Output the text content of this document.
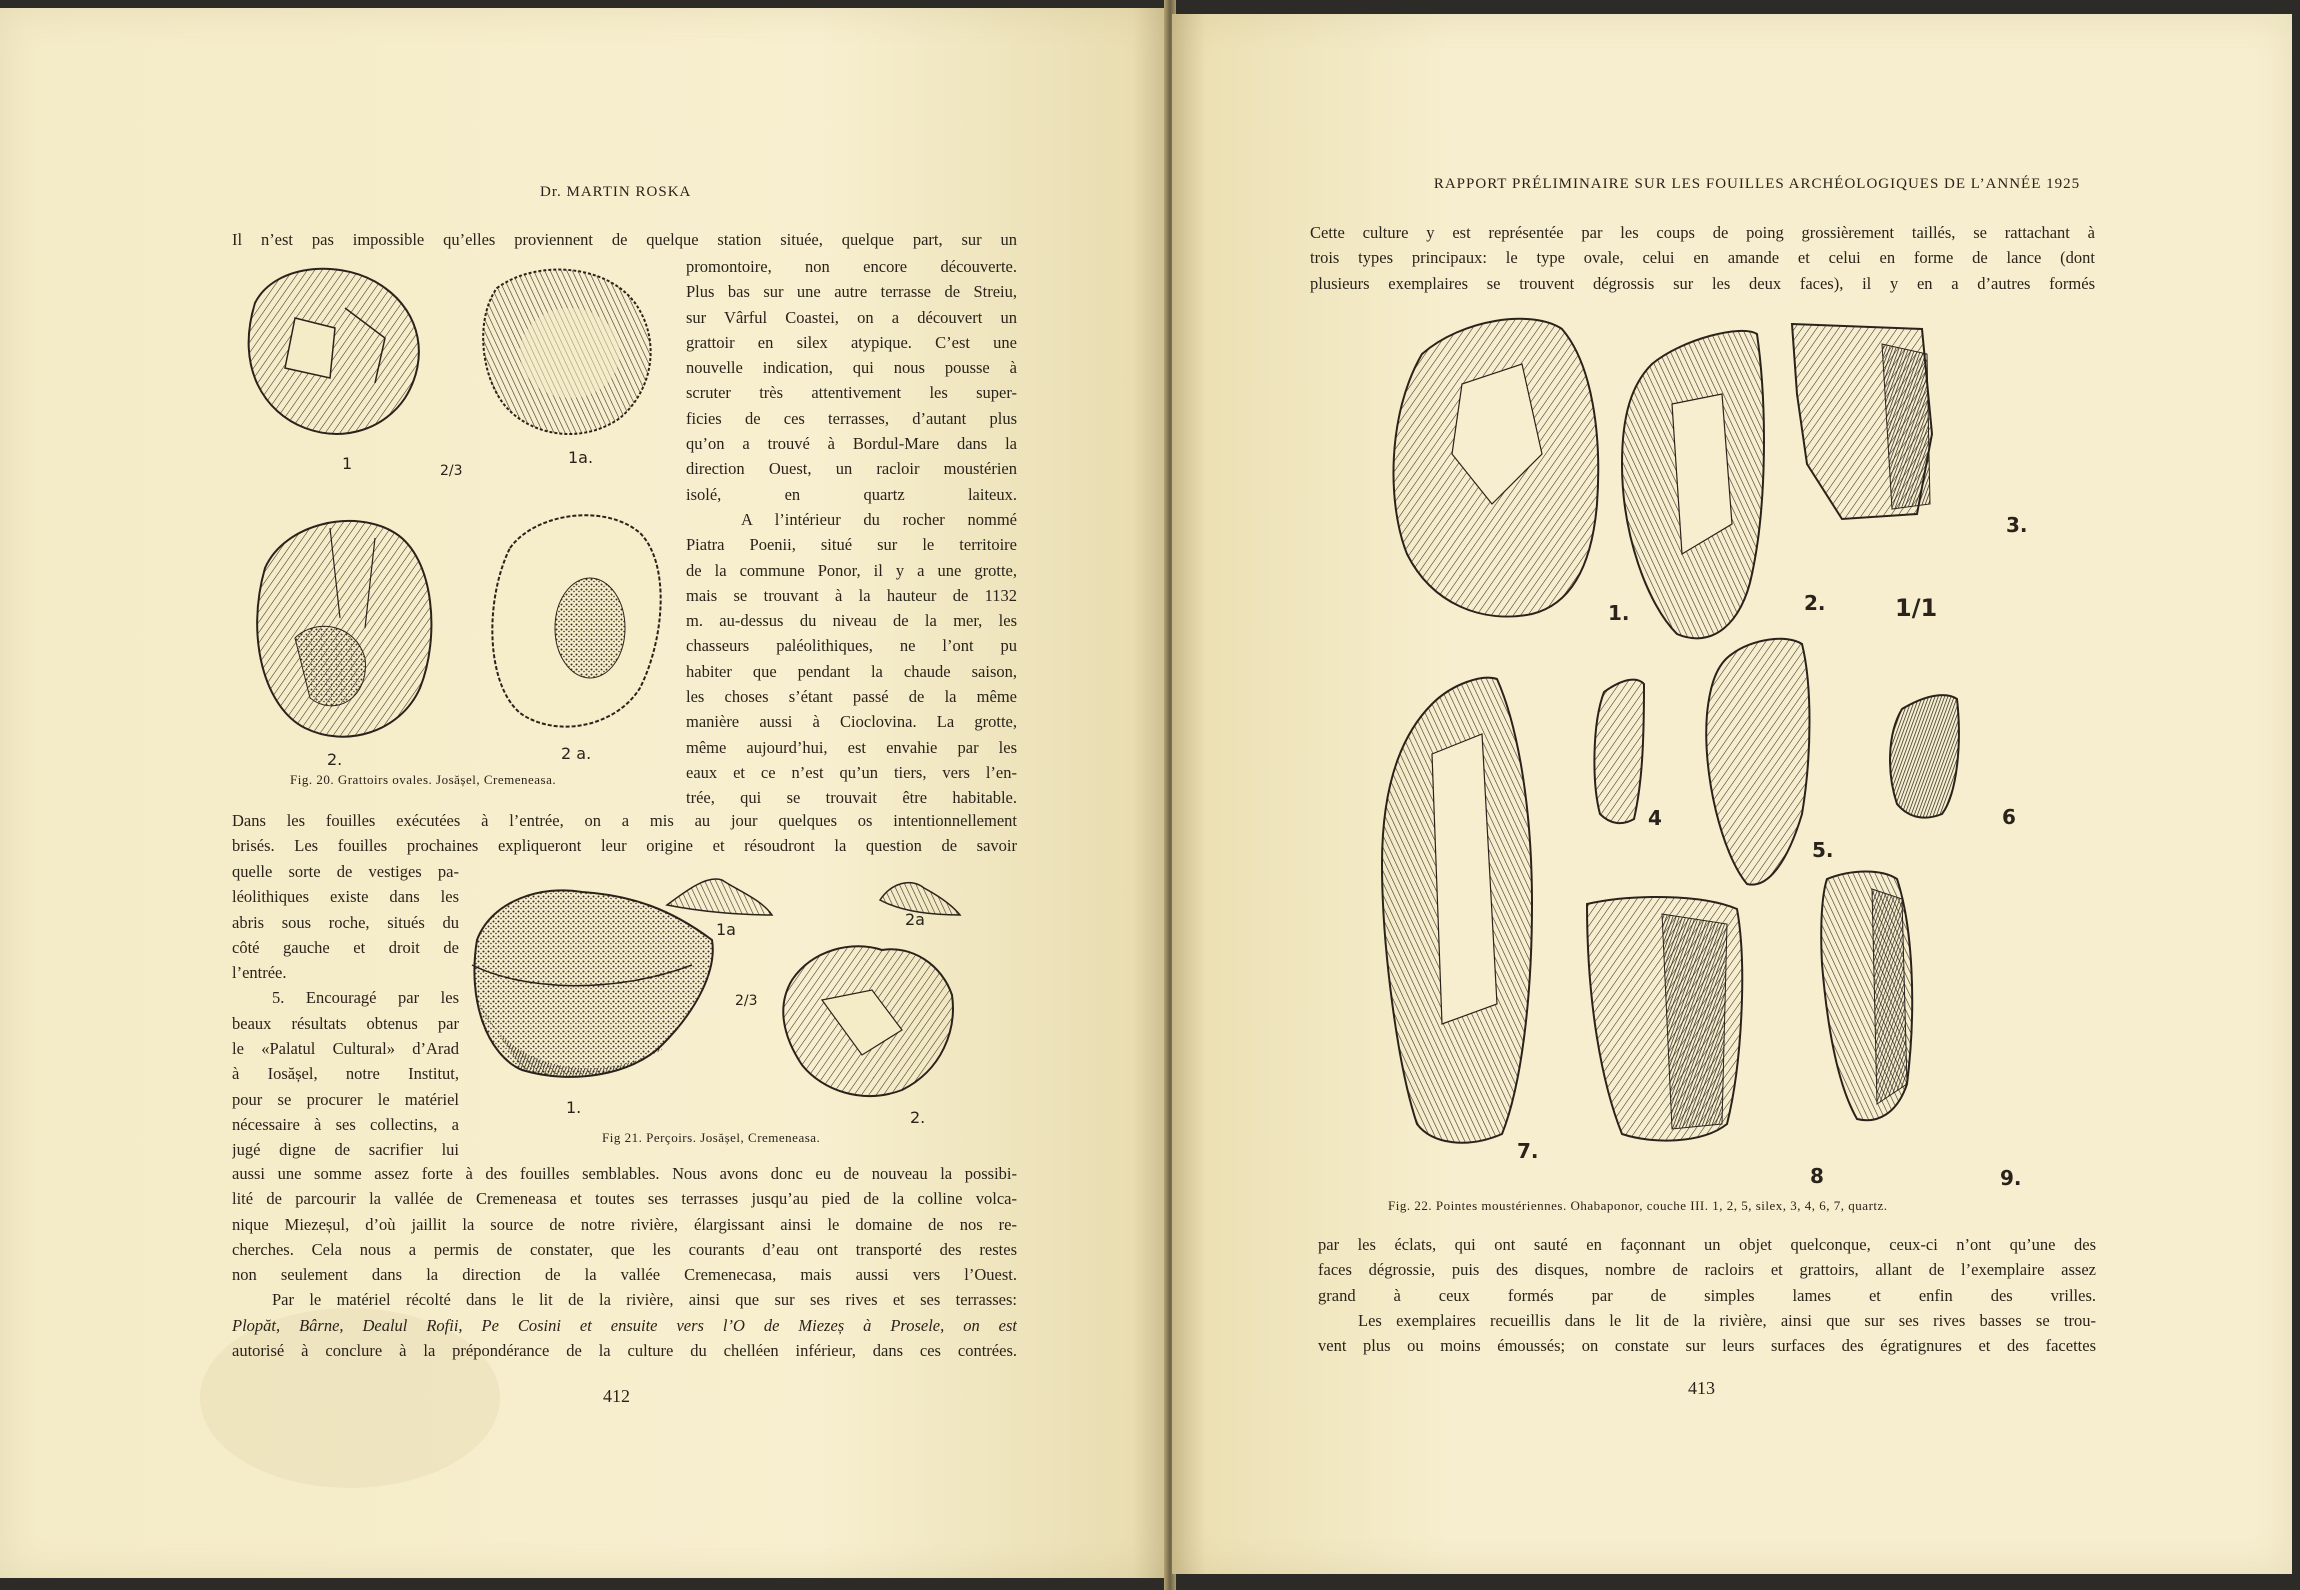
Dr. MARTIN ROSKA
Il n’est pas impossible qu’elles proviennent de quelque station située, quelque part, sur un
1	1a.
2/3
2.	2 a.
Fig. 20. Grattoirs ovales. Josășel, Cremeneasa.
promontoire, non encore découverte.
Plus bas sur une autre terrasse de Streiu,
sur Vârful Coastei, on a découvert un
grattoir en silex atypique. C’est une
nouvelle indication, qui nous pousse à
scruter très attentivement les super-
ficies de ces terrasses, d’autant plus
qu’on a trouvé à Bordul-Mare dans la
direction Ouest, un racloir moustérien
isolé, en quartz laiteux.
A l’intérieur du rocher nommé
Piatra Poenii, situé sur le territoire
de la commune Ponor, il y a une grotte,
mais se trouvant à la hauteur de 1132
m. au-dessus du niveau de la mer, les
chasseurs paléolithiques, ne l’ont pu
habiter que pendant la chaude saison,
les choses s’étant passé de la même
manière aussi à Cioclovina. La grotte,
même aujourd’hui, est envahie par les
eaux et ce n’est qu’un tiers, vers l’en-
trée, qui se trouvait être habitable.
Dans les fouilles exécutées à l’entrée, on a mis au jour quelques os intentionnellement
brisés. Les fouilles prochaines expliqueront leur origine et résoudront la question de savoir
quelle sorte de vestiges pa-
léolithiques existe dans les
abris sous roche, situés du
côté gauche et droit de
l’entrée.
5. Encouragé par les
beaux résultats obtenus par
le «Palatul Cultural» d’Arad
à Iosășel, notre Institut,
pour se procurer le matériel
nécessaire à ses collectins, a
jugé digne de sacrifier lui
1a
2a
2/3
1.
2.
Fig 21. Perçoirs. Josășel, Cremeneasa.
aussi une somme assez forte à des fouilles semblables. Nous avons donc eu de nouveau la possibi-
lité de parcourir la vallée de Cremeneasa et toutes ses terrasses jusqu’au pied de la colline volca-
nique Miezeșul, d’où jaillit la source de notre rivière, élargissant ainsi le domaine de nos re-
cherches. Cela nous a permis de constater, que les courants d’eau ont transporté des restes
non seulement dans la direction de la vallée Cremenecasa, mais aussi vers l’Ouest.
Par le matériel récolté dans le lit de la rivière, ainsi que sur ses rives et ses terrasses:
Plopăt, Bârne, Dealul Rofii, Pe Cosini et ensuite vers l’O de Miezeș à Prosele, on est
autorisé à conclure à la prépondérance de la culture du chelléen inférieur, dans ces contrées.
412
RAPPORT PRÉLIMINAIRE SUR LES FOUILLES ARCHÉOLOGIQUES DE L’ANNÉE 1925
Cette culture y est représentée par les coups de poing grossièrement taillés, se rattachant à
trois types principaux: le type ovale, celui en amande et celui en forme de lance (dont
plusieurs exemplaires se trouvent dégrossis sur les deux faces), il y en a d’autres formés
1.	2.
3.
1/1
4
5.
6
7.
8	9.
Fig. 22. Pointes moustériennes. Ohabaponor, couche III. 1, 2, 5, silex, 3, 4, 6, 7, quartz.
par les éclats, qui ont sauté en façonnant un objet quelconque, ceux-ci n’ont qu’une des
faces dégrossie, puis des disques, nombre de racloirs et grattoirs, allant de l’exemplaire assez
grand à ceux formés par de simples lames et enfin des vrilles.
Les exemplaires recueillis dans le lit de la rivière, ainsi que sur ses rives basses se trou-
vent plus ou moins émoussés; on constate sur leurs surfaces des égratignures et des facettes
413
